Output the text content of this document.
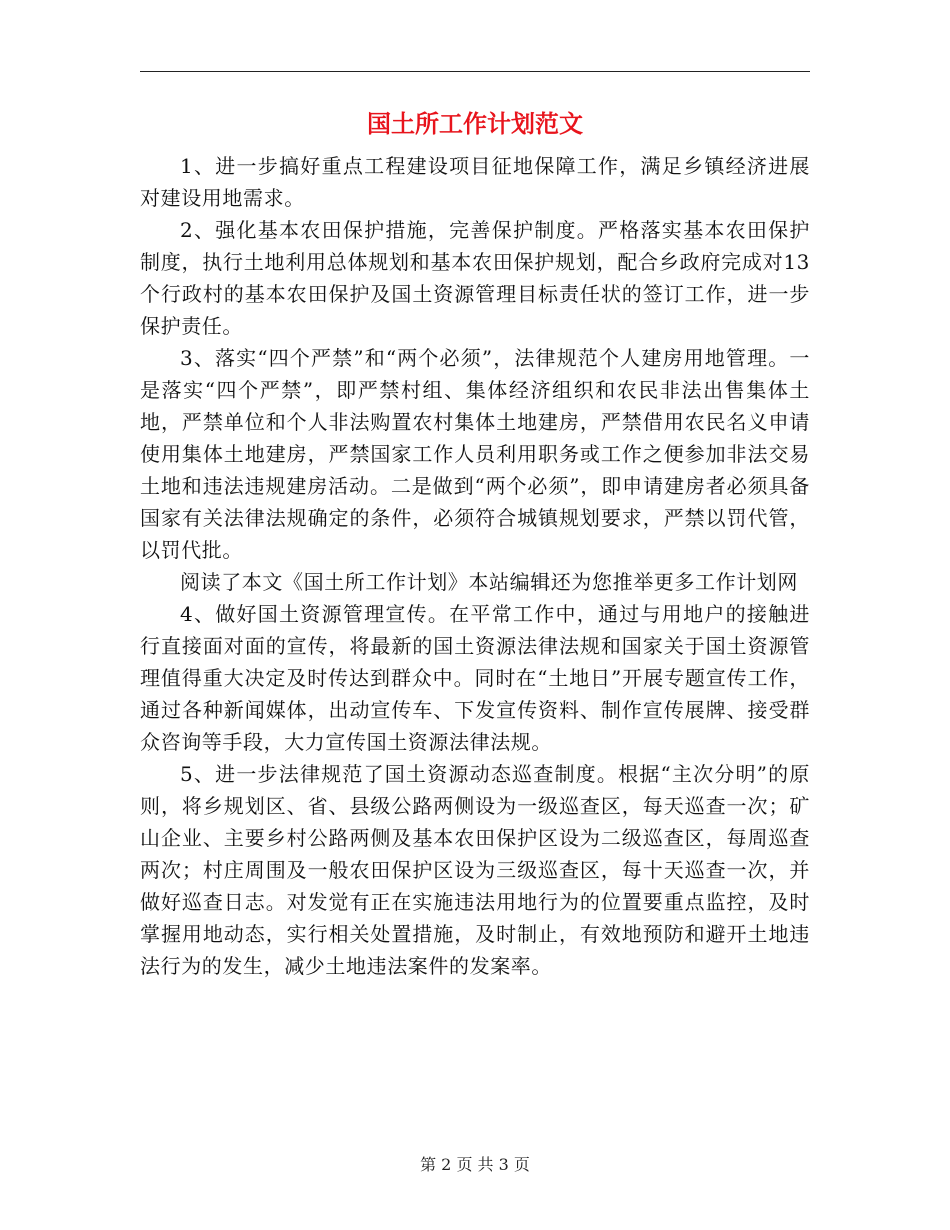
国土所工作计划范文

1、进一步搞好重点工程建设项目征地保障工作，满足乡镇经济进展对建设用地需求。

2、强化基本农田保护措施，完善保护制度。严格落实基本农田保护制度，执行土地利用总体规划和基本农田保护规划，配合乡政府完成对13个行政村的基本农田保护及国土资源管理目标责任状的签订工作，进一步保护责任。

3、落实“四个严禁”和“两个必须”，法律规范个人建房用地管理。一是落实“四个严禁”，即严禁村组、集体经济组织和农民非法出售集体土地，严禁单位和个人非法购置农村集体土地建房，严禁借用农民名义申请使用集体土地建房，严禁国家工作人员利用职务或工作之便参加非法交易土地和违法违规建房活动。二是做到“两个必须”，即申请建房者必须具备国家有关法律法规确定的条件，必须符合城镇规划要求，严禁以罚代管，以罚代批。

阅读了本文《国土所工作计划》本站编辑还为您推举更多工作计划网

4、做好国土资源管理宣传。在平常工作中，通过与用地户的接触进行直接面对面的宣传，将最新的国土资源法律法规和国家关于国土资源管理值得重大决定及时传达到群众中。同时在“土地日”开展专题宣传工作，通过各种新闻媒体，出动宣传车、下发宣传资料、制作宣传展牌、接受群众咨询等手段，大力宣传国土资源法律法规。

5、进一步法律规范了国土资源动态巡查制度。根据“主次分明”的原则，将乡规划区、省、县级公路两侧设为一级巡查区，每天巡查一次；矿山企业、主要乡村公路两侧及基本农田保护区设为二级巡查区，每周巡查两次；村庄周围及一般农田保护区设为三级巡查区，每十天巡查一次，并做好巡查日志。对发觉有正在实施违法用地行为的位置要重点监控，及时掌握用地动态，实行相关处置措施，及时制止，有效地预防和避开土地违法行为的发生，减少土地违法案件的发案率。

第 2 页 共 3 页
